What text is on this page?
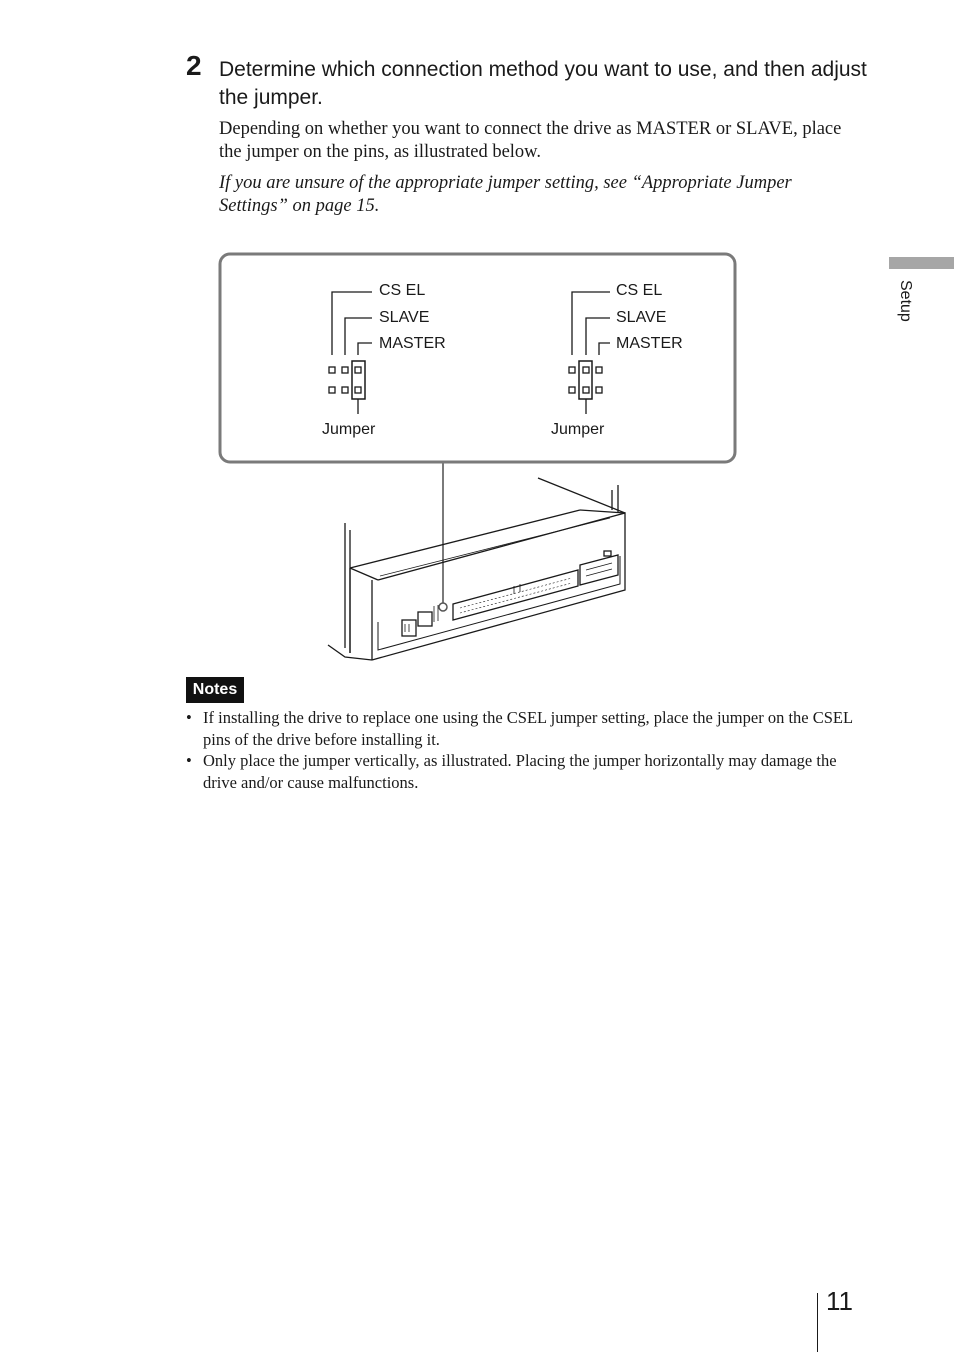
2 Determine which connection method you want to use, and then adjust the jumper.
Depending on whether you want to connect the drive as MASTER or SLAVE, place the jumper on the pins, as illustrated below.
If you are unsure of the appropriate jumper setting, see “Appropriate Jumper Settings” on page 15.
CS EL
SLAVE
MASTER
Jumper
CS EL
SLAVE
MASTER
Jumper
Notes
• If installing the drive to replace one using the CSEL jumper setting, place the jumper on the CSEL pins of the drive before installing it.
• Only place the jumper vertically, as illustrated. Placing the jumper horizontally may damage the drive and/or cause malfunctions.
Setup
11
